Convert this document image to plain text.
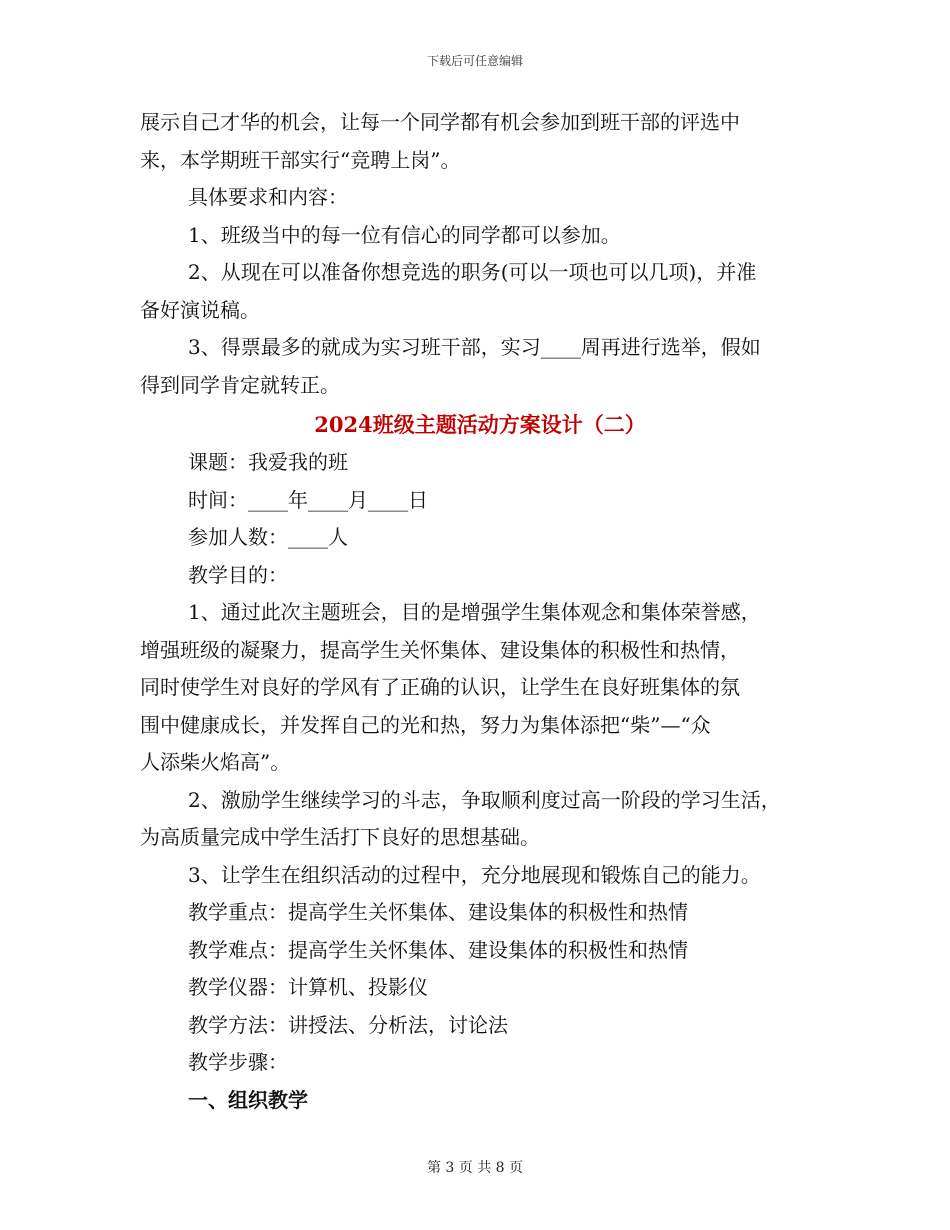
下载后可任意编辑
展示自己才华的机会，让每一个同学都有机会参加到班干部的评选中
来，本学期班干部实行“竞聘上岗”。
具体要求和内容：
1、班级当中的每一位有信心的同学都可以参加。
2、从现在可以准备你想竞选的职务(可以一项也可以几项)，并准
备好演说稿。
3、得票最多的就成为实习班干部，实习____周再进行选举，假如
得到同学肯定就转正。
2024班级主题活动方案设计（二）
课题：我爱我的班
时间：____年____月____日
参加人数：____人
教学目的：
1、通过此次主题班会，目的是增强学生集体观念和集体荣誉感，
增强班级的凝聚力，提高学生关怀集体、建设集体的积极性和热情，
同时使学生对良好的学风有了正确的认识，让学生在良好班集体的氛
围中健康成长，并发挥自己的光和热，努力为集体添把“柴”—“众
人添柴火焰高”。
2、激励学生继续学习的斗志，争取顺利度过高一阶段的学习生活，
为高质量完成中学生活打下良好的思想基础。
3、让学生在组织活动的过程中，充分地展现和锻炼自己的能力。
教学重点：提高学生关怀集体、建设集体的积极性和热情
教学难点：提高学生关怀集体、建设集体的积极性和热情
教学仪器：计算机、投影仪
教学方法：讲授法、分析法，讨论法
教学步骤：
一、组织教学
第 3 页 共 8 页
